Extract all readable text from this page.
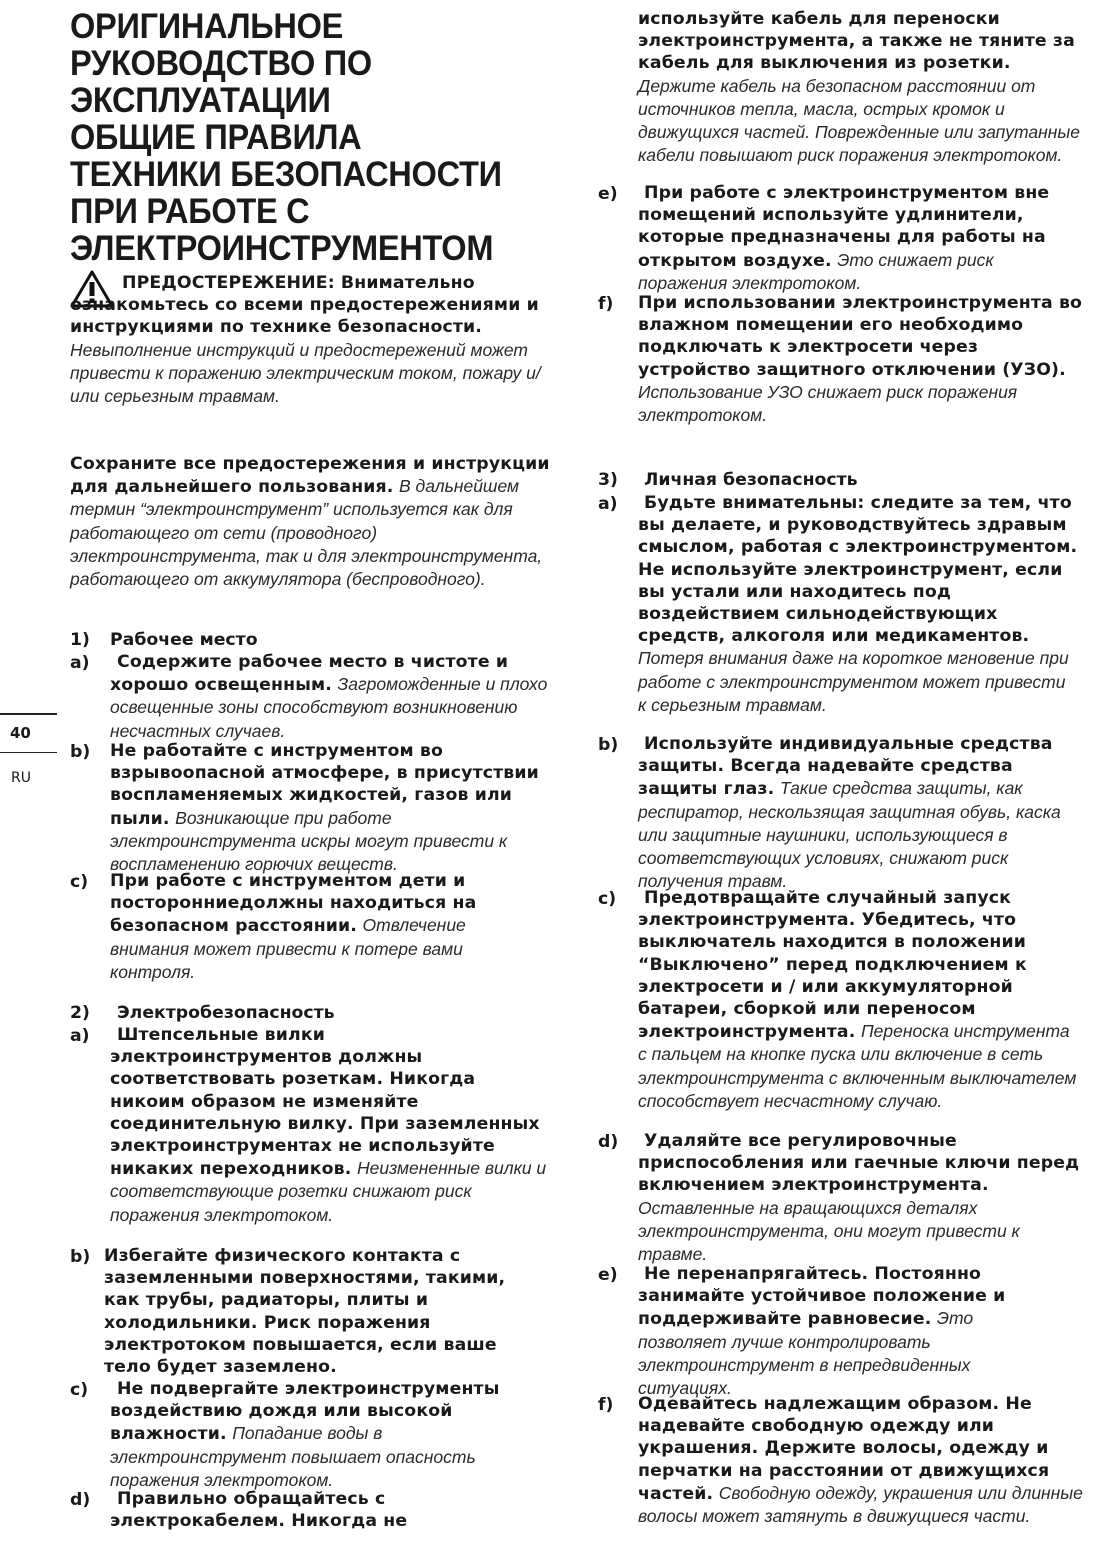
ОРИГИНАЛЬНОЕ
РУКОВОДСТВО ПО
ЭКСПЛУАТАЦИИ
ОБЩИЕ ПРАВИЛА
ТЕХНИКИ БЕЗОПАСНОСТИ
ПРИ РАБОТЕ С
ЭЛЕКТРОИНСТРУМЕНТОМ
ПРЕДОСТЕРЕЖЕНИЕ: Внимательно ознакомьтесь со всеми предостережениями и инструкциями по технике безопасности. Невыполнение инструкций и предостережений может привести к поражению электрическим током, пожару и/или серьезным травмам.
Сохраните все предостережения и инструкции для дальнейшего пользования. В дальнейшем термин “электроинструмент” используется как для работающего от сети (проводного) электроинструмента, так и для электроинструмента, работающего от аккумулятора (беспроводного).
1) Рабочее место
a)	Содержите рабочее место в чистоте и хорошо освещенным. Загроможденные и плохо освещенные зоны способствуют возникновению несчастных случаев.
b) Не работайте с инструментом во взрывоопасной атмосфере, в присутствии воспламеняемых жидкостей, газов или пыли. Возникающие при работе электроинструмента искры могут привести к воспламенению горючих веществ.
c) При работе с инструментом дети и посторонниедолжны находиться на безопасном расстоянии. Отвлечение внимания может привести к потере вами контроля.
2) Электробезопасность
a)	Штепсельные вилки электроинструментов должны соответствовать розеткам. Никогда никоим образом не изменяйте соединительную вилку. При заземленных электроинструментах не используйте никаких переходников. Неизмененные вилки и соответствующие розетки снижают риск поражения электротоком.
b) Избегайте физического контакта с заземленными поверхностями, такими, как трубы, радиаторы, плиты и холодильники. Риск поражения электротоком повышается, если ваше тело будет заземлено.
c)	Не подвергайте электроинструменты воздействию дождя или высокой влажности. Попадание воды в электроинструмент повышает опасность поражения электротоком.
d)	Правильно обращайтесь с электрокабелем. Никогда не
40
RU
используйте кабель для переноски электроинструмента, а также не тяните за кабель для выключения из розетки. Держите кабель на безопасном расстоянии от источников тепла, масла, острых кромок и движущихся частей. Поврежденные или запутанные кабели повышают риск поражения электротоком.
e)	При работе с электроинструментом вне помещений используйте удлинители, которые предназначены для работы на открытом воздухе. Это снижает риск поражения электротоком.
f) При использовании электроинструмента во влажном помещении его необходимо подключать к электросети через устройство защитного отключении (УЗО). Использование УЗО снижает риск поражения электротоком.
3) Личная безопасность
a)	Будьте внимательны: следите за тем, что вы делаете, и руководствуйтесь здравым смыслом, работая с электроинструментом. Не используйте электроинструмент, если вы устали или находитесь под воздействием сильнодействующих средств, алкоголя или медикаментов. Потеря внимания даже на короткое мгновение при работе с электроинструментом может привести к серьезным травмам.
b)	Используйте индивидуальные средства защиты. Всегда надевайте средства защиты глаз. Такие средства защиты, как респиратор, нескользящая защитная обувь, каска или защитные наушники, использующиеся в соответствующих условиях, снижают риск получения травм.
c)	Предотвращайте случайный запуск электроинструмента. Убедитесь, что выключатель находится в положении “Выключено” перед подключением к электросети и / или аккумуляторной батареи, сборкой или переносом электроинструмента. Переноска инструмента с пальцем на кнопке пуска или включение в сеть электроинструмента с включенным выключателем способствует несчастному случаю.
d)	Удаляйте все регулировочные приспособления или гаечные ключи перед включением электроинструмента. Оставленные на вращающихся деталях электроинструмента, они могут привести к травме.
e)	Не перенапрягайтесь. Постоянно занимайте устойчивое положение и поддерживайте равновесие. Это позволяет лучше контролировать электроинструмент в непредвиденных ситуациях.
f) Одевайтесь надлежащим образом. Не надевайте свободную одежду или украшения. Держите волосы, одежду и перчатки на расстоянии от движущихся частей. Свободную одежду, украшения или длинные волосы может затянуть в движущиеся части.
